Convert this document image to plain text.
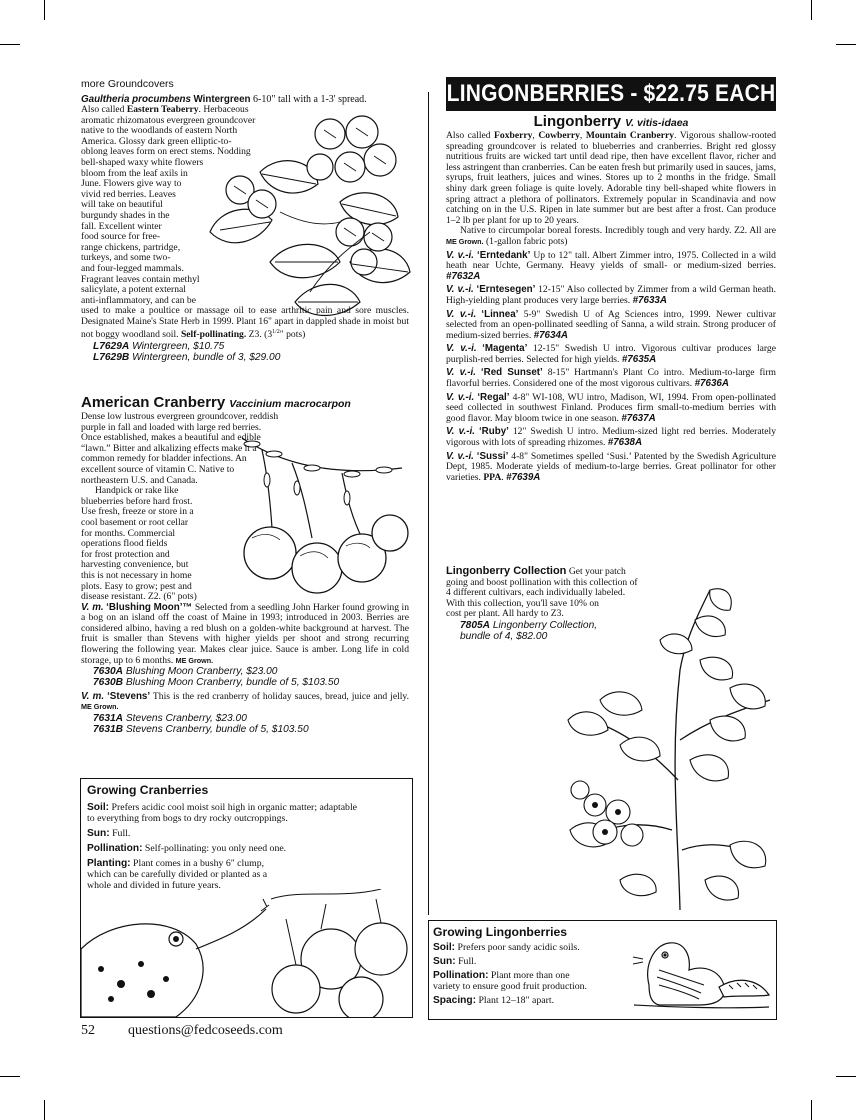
more Groundcovers

Gaultheria procumbens Wintergreen 6-10" tall with a 1-3' spread.

Also called Eastern Teaberry. Herbaceous

aromatic rhizomatous evergreen groundcover

native to the woodlands of eastern North

America. Glossy dark green elliptic-to-

oblong leaves form on erect stems. Nodding

bell-shaped waxy white flowers

bloom from the leaf axils in

June. Flowers give way to

vivid red berries. Leaves

will take on beautiful

burgundy shades in the

fall. Excellent winter

food source for free-

range chickens, partridge,

turkeys, and some two-

and four-legged mammals.

Fragrant leaves contain methyl

salicylate, a potent external

anti-inflammatory, and can be

used to make a poultice or massage oil to ease arthritic pain and sore muscles. Designated Maine's State Herb in 1999. Plant 16" apart in dappled shade in moist but not boggy woodland soil. Self-pollinating. Z3. ($3^{1/2}$" pots)

L7629A Wintergreen, $10.75

L7629B Wintergreen, bundle of 3, $29.00

American Cranberry Vaccinium macrocarpon

Dense low lustrous evergreen groundcover, reddish

purple in fall and loaded with large red berries.

Once established, makes a beautiful and edible

“lawn.” Bitter and alkalizing effects make it a

common remedy for bladder infections. An

excellent source of vitamin C. Native to

northeastern U.S. and Canada.

Handpick or rake like

blueberries before hard frost.

Use fresh, freeze or store in a

cool basement or root cellar

for months. Commercial

operations flood fields

for frost protection and

harvesting convenience, but

this is not necessary in home

plots. Easy to grow; pest and

disease resistant. Z2. (6" pots)

V. m. ‘Blushing Moon’™ Selected from a seedling John Harker found growing in a bog on an island off the coast of Maine in 1993; introduced in 2003. Berries are considered albino, having a red blush on a golden-white background at harvest. The fruit is smaller than Stevens with higher yields per shoot and strong recurring flowering the following year. Makes clear juice. Sauce is amber. Long life in cold storage, up to 6 months. ME Grown.

7630A Blushing Moon Cranberry, $23.00

7630B Blushing Moon Cranberry, bundle of 5, $103.50

V. m. ‘Stevens’ This is the red cranberry of holiday sauces, bread, juice and jelly. ME Grown.

7631A Stevens Cranberry, $23.00

7631B Stevens Cranberry, bundle of 5, $103.50

Growing Cranberries

Soil: Prefers acidic cool moist soil high in organic matter; adaptable
to everything from bogs to dry rocky outcroppings.

Sun: Full.

Pollination: Self-pollinating: you only need one.

Planting: Plant comes in a bushy 6" clump,
which can be carefully divided or planted as a
whole and divided in future years.

52 questions@fedcoseeds.com
LINGONBERRIES - $22.75 EACH

Lingonberry V. vitis-idaea

Also called Foxberry, Cowberry, Mountain Cranberry. Vigorous shallow-rooted spreading groundcover is related to blueberries and cranberries. Bright red glossy nutritious fruits are wicked tart until dead ripe, then have excellent flavor, richer and less astringent than cranberries. Can be eaten fresh but primarily used in sauces, jams, syrups, fruit leathers, juices and wines. Stores up to 2 months in the fridge. Small shiny dark green foliage is quite lovely. Adorable tiny bell-shaped white flowers in spring attract a plethora of pollinators. Extremely popular in Scandinavia and now catching on in the U.S. Ripen in late summer but are best after a frost. Can produce 1–2 lb per plant for up to 20 years.

Native to circumpolar boreal forests. Incredibly tough and very hardy. Z2. All are ME Grown. (1-gallon fabric pots)

V. v.-i. ‘Erntedank’ Up to 12" tall. Albert Zimmer intro, 1975. Collected in a wild heath near Uchte, Germany. Heavy yields of small- or medium-sized berries. #7632A

V. v.-i. ‘Erntesegen’ 12-15" Also collected by Zimmer from a wild German heath. High-yielding plant produces very large berries. #7633A

V. v.-i. ‘Linnea’ 5-9" Swedish U of Ag Sciences intro, 1999. Newer cultivar selected from an open-pollinated seedling of Sanna, a wild strain. Strong producer of medium-sized berries. #7634A

V. v.-i. ‘Magenta’ 12-15" Swedish U intro. Vigorous cultivar produces large purplish-red berries. Selected for high yields. #7635A

V. v.-i. ‘Red Sunset’ 8-15" Hartmann's Plant Co intro. Medium-to-large firm flavorful berries. Considered one of the most vigorous cultivars. #7636A

V. v.-i. ‘Regal’ 4-8" WI-108, WU intro, Madison, WI, 1994. From open-pollinated seed collected in southwest Finland. Produces firm small-to-medium berries with good flavor. May bloom twice in one season. #7637A

V. v.-i. ‘Ruby’ 12" Swedish U intro. Medium-sized light red berries. Moderately vigorous with lots of spreading rhizomes. #7638A

V. v.-i. ‘Sussi’ 4-8" Sometimes spelled ‘Susi.’ Patented by the Swedish Agriculture Dept, 1985. Moderate yields of medium-to-large berries. Great pollinator for other varieties. PPA. #7639A

Lingonberry Collection Get your patch

going and boost pollination with this collection of

4 different cultivars, each individually labeled.

With this collection, you'll save 10% on

cost per plant. All hardy to Z3.

7805A Lingonberry Collection,

bundle of 4, $82.00

Growing Lingonberries

Soil: Prefers poor sandy acidic soils.

Sun: Full.

Pollination: Plant more than one
variety to ensure good fruit production.

Spacing: Plant 12–18" apart.
